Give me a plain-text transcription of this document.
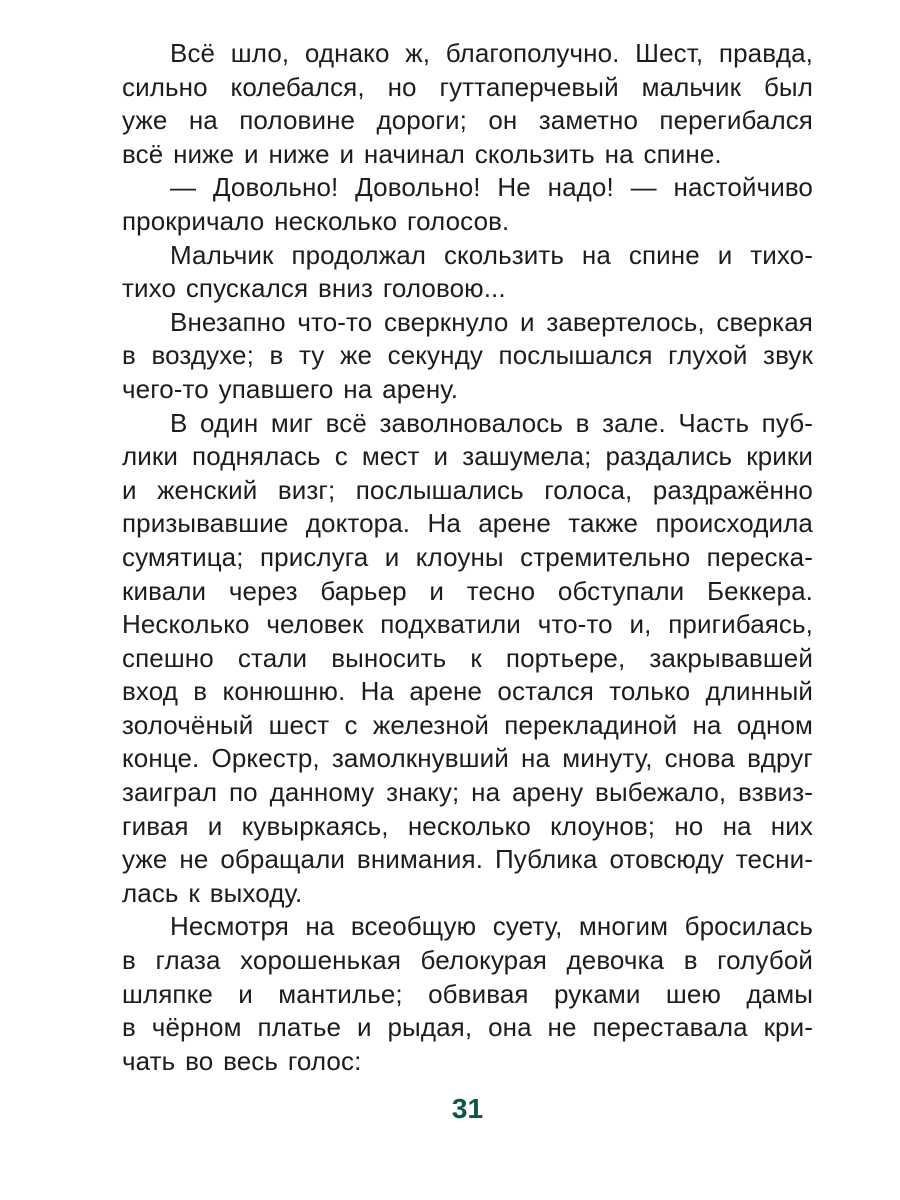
Всё шло, однако ж, благополучно. Шест, правда,
сильно колебался, но гуттаперчевый мальчик был
уже на половине дороги; он заметно перегибался
всё ниже и ниже и начинал скользить на спине.

— Довольно! Довольно! Не надо! — настойчиво
прокричало несколько голосов.

Мальчик продолжал скользить на спине и тихо-
тихо спускался вниз головою...

Внезапно что-то сверкнуло и завертелось, сверкая
в воздухе; в ту же секунду послышался глухой звук
чего-то упавшего на арену.

В один миг всё заволновалось в зале. Часть пуб-
лики поднялась с мест и зашумела; раздались крики
и женский визг; послышались голоса, раздражённо
призывавшие доктора. На арене также происходила
сумятица; прислуга и клоуны стремительно переска-
кивали через барьер и тесно обступали Беккера.
Несколько человек подхватили что-то и, пригибаясь,
спешно стали выносить к портьере, закрывавшей
вход в конюшню. На арене остался только длинный
золочёный шест с железной перекладиной на одном
конце. Оркестр, замолкнувший на минуту, снова вдруг
заиграл по данному знаку; на арену выбежало, взвиз-
гивая и кувыркаясь, несколько клоунов; но на них
уже не обращали внимания. Публика отовсюду тесни-
лась к выходу.

Несмотря на всеобщую суету, многим бросилась
в глаза хорошенькая белокурая девочка в голубой
шляпке и мантилье; обвивая руками шею дамы
в чёрном платье и рыдая, она не переставала кри-
чать во весь голос:

31
